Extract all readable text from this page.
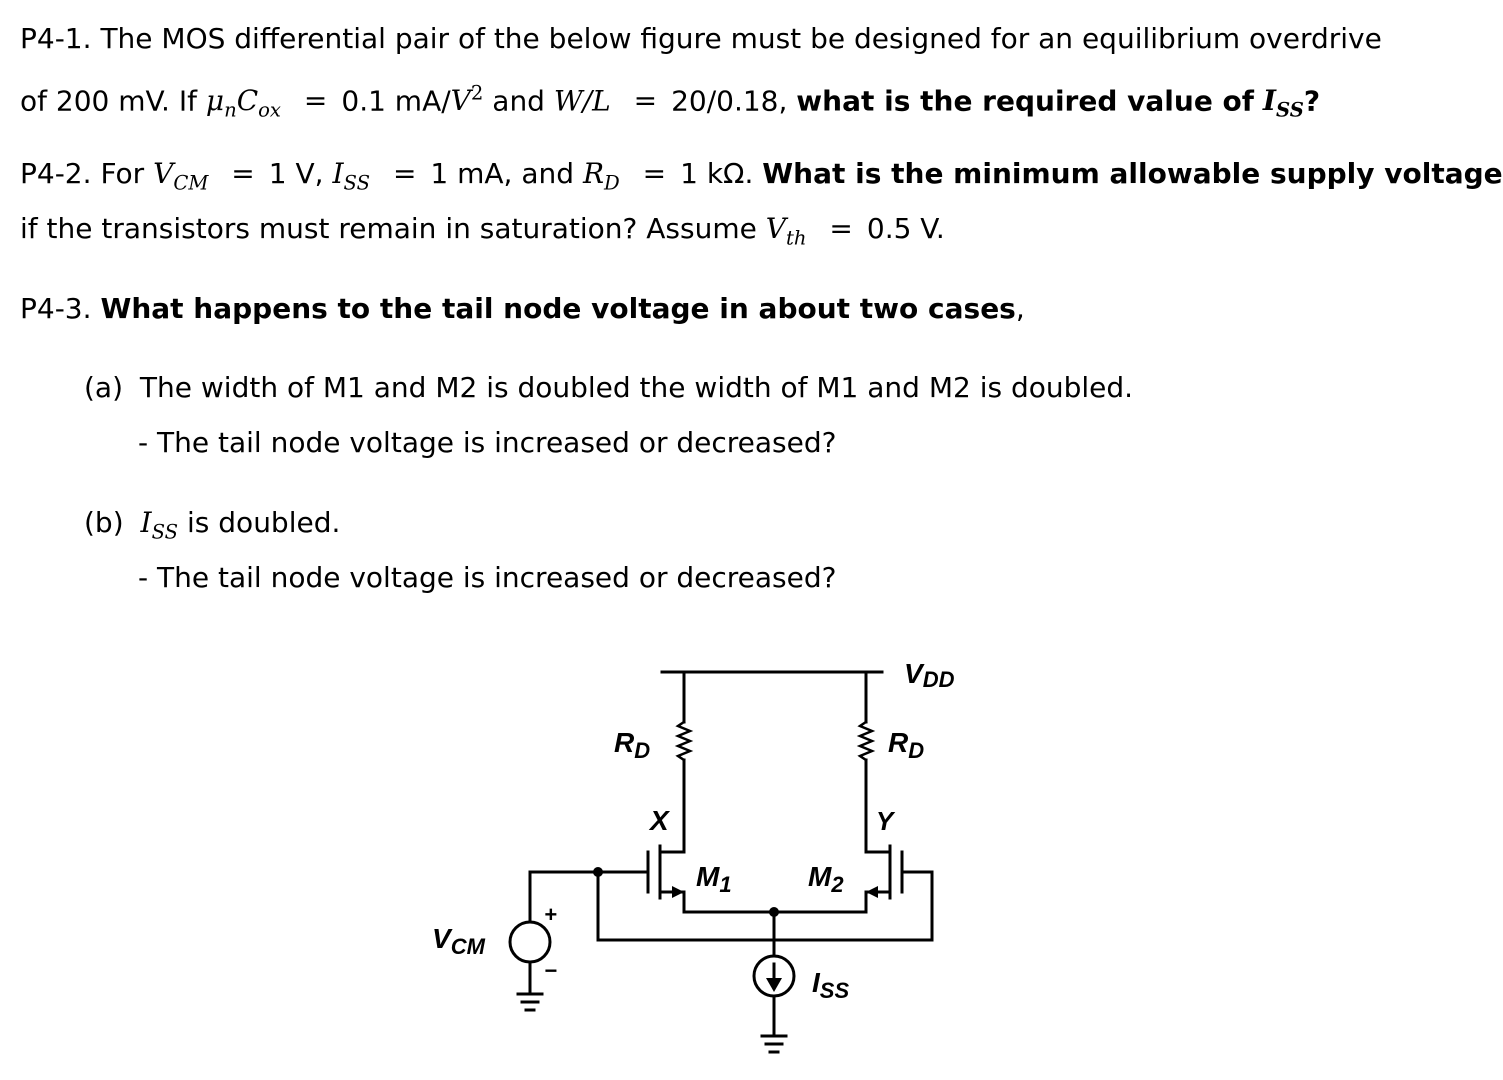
P4-1. The MOS differential pair of the below figure must be designed for an equilibrium overdrive
of 200 mV. If $\mu_nC_{ox} = 0.1$ $mA/V^2$ and W/L = 20/0.18, what is the required value of $I_{SS}$?
P4-2. For $V_{CM} = 1$ V, $I_{SS} = 1$ mA, and $R_D = 1$ kΩ. What is the minimum allowable supply voltage
if the transistors must remain in saturation? Assume $V_{th} = 0.5$ V.
P4-3. What happens to the tail node voltage in about two cases,
(a) The width of M1 and M2 is doubled the width of M1 and M2 is doubled.
- The tail node voltage is increased or decreased?
(b) $I_{SS}$ is doubled.
- The tail node voltage is increased or decreased?
VDD
$R_D$	$R_D$
X	Y
$M_1$	$M_2$
$V_{CM}$
+
−	$I_{SS}$
